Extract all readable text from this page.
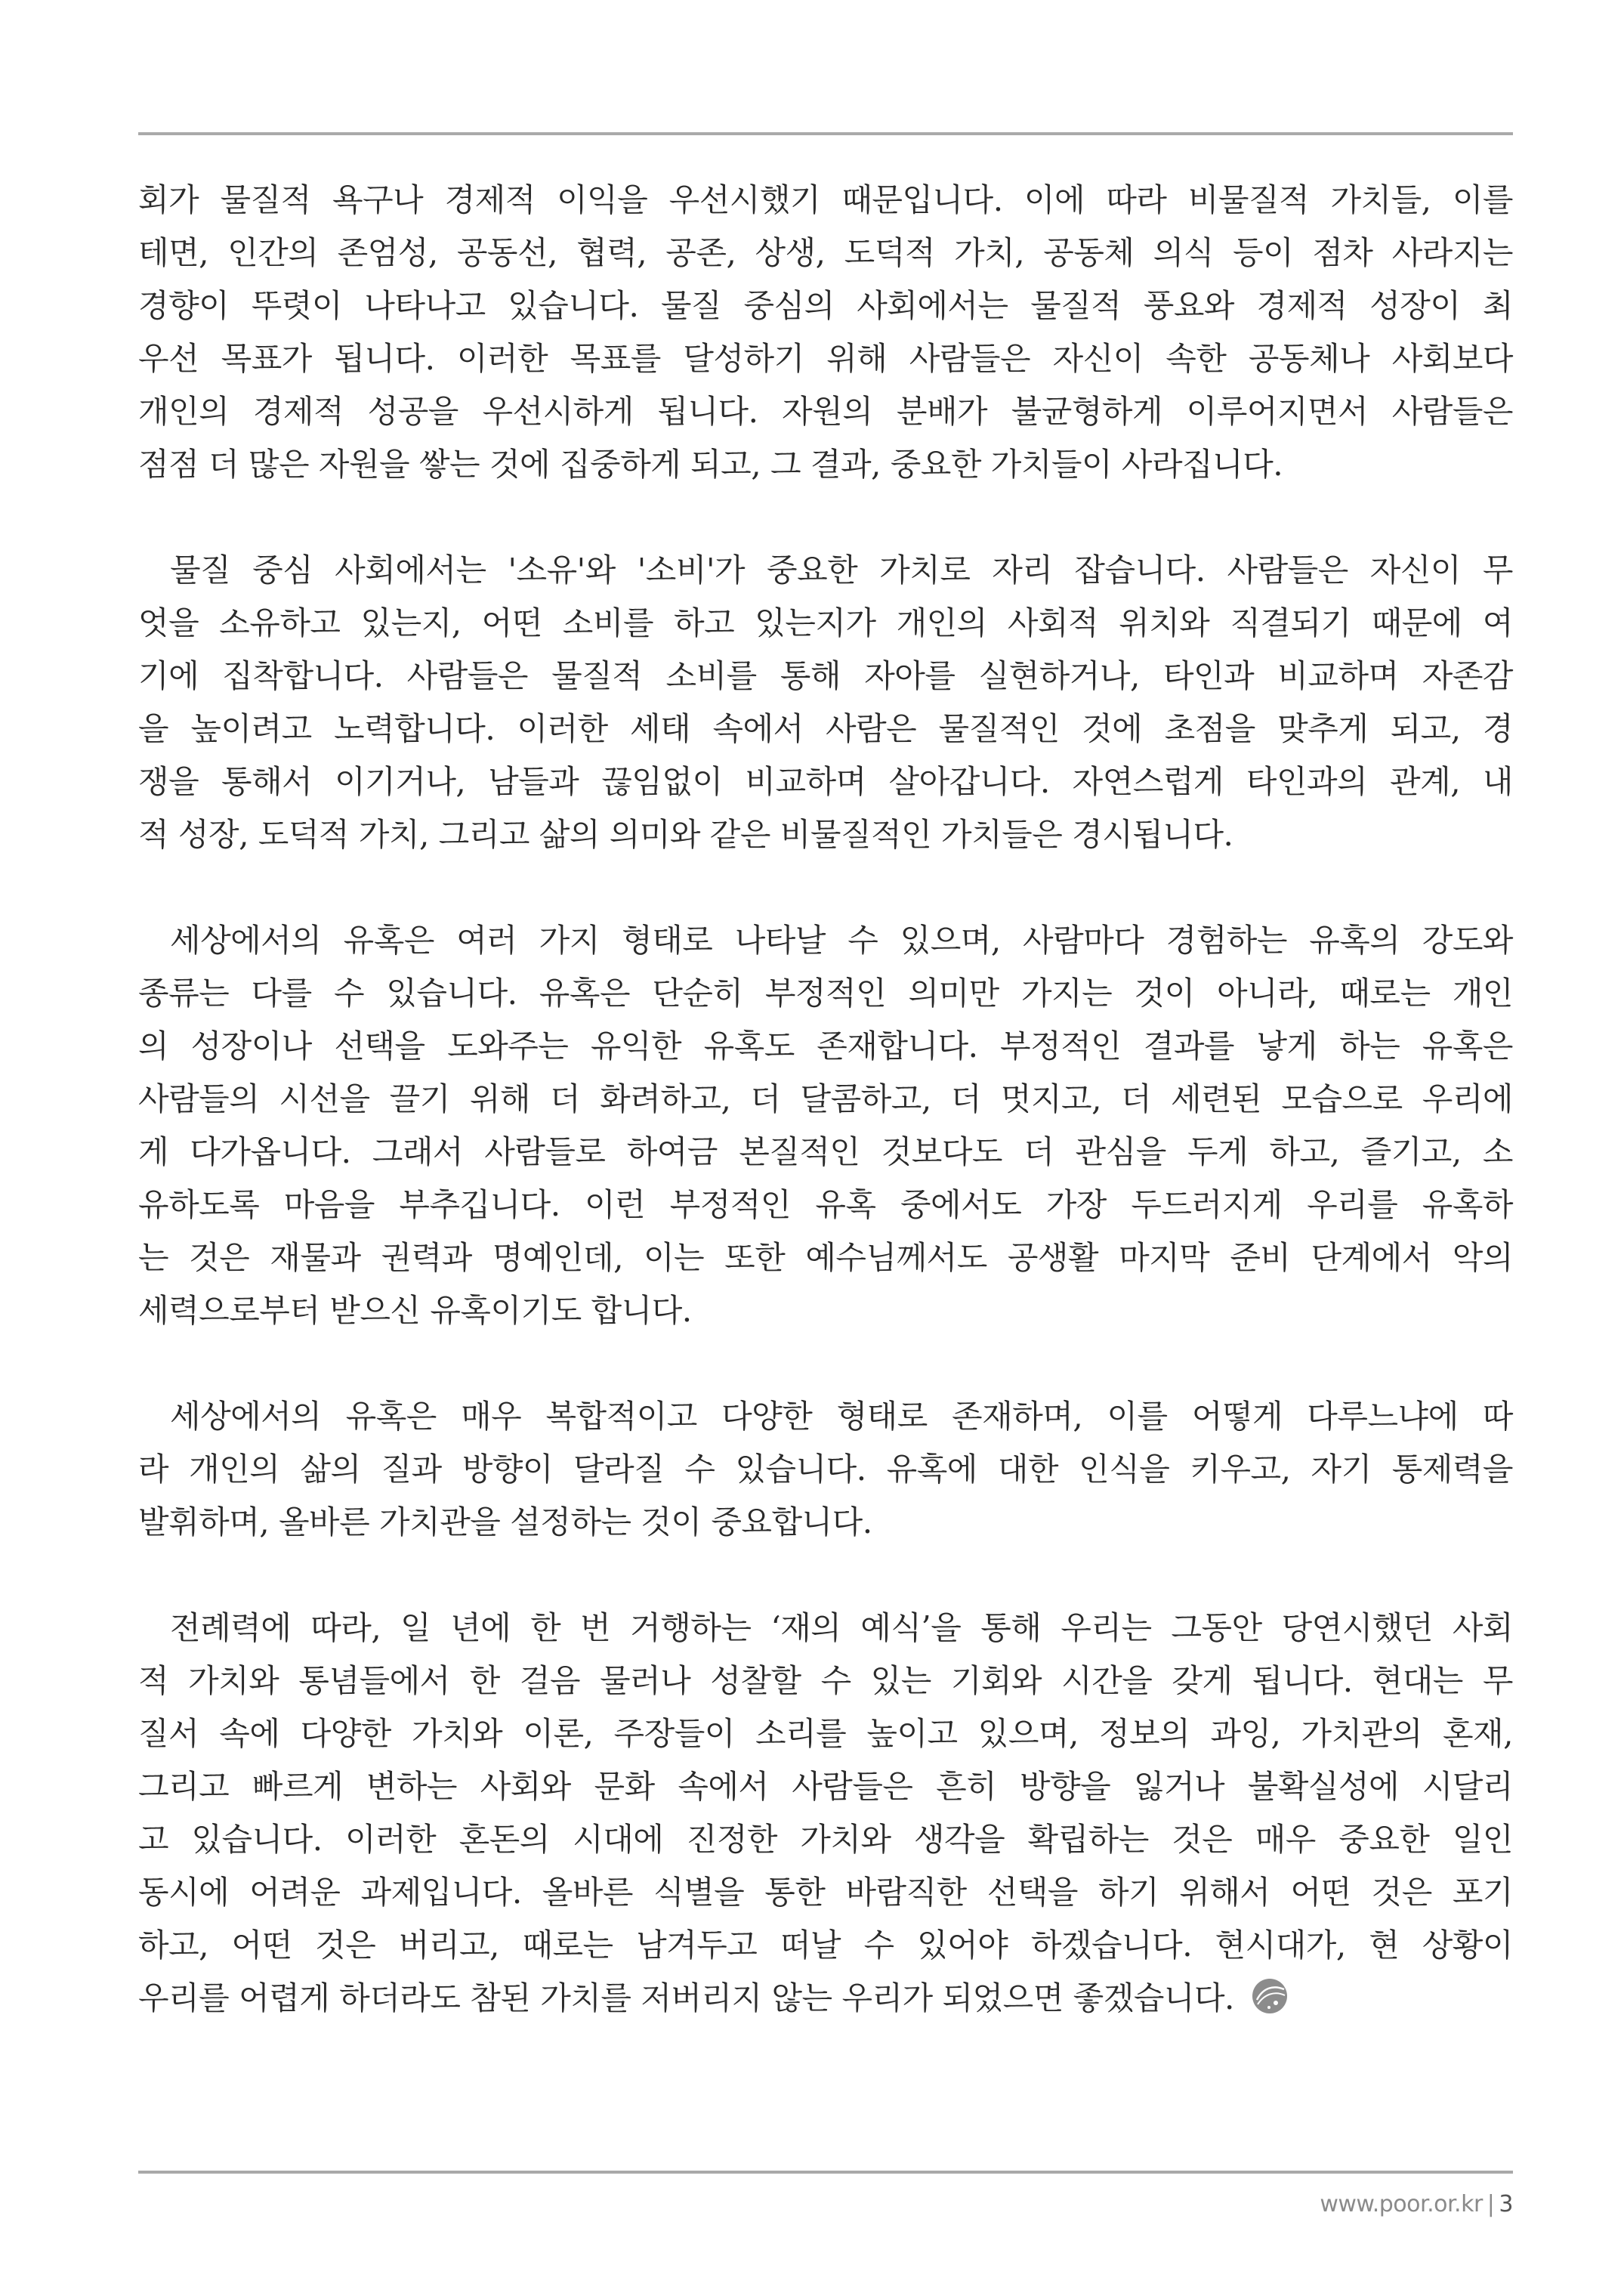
회가 물질적 욕구나 경제적 이익을 우선시했기 때문입니다. 이에 따라 비물질적 가치들, 이를
테면, 인간의 존엄성, 공동선, 협력, 공존, 상생, 도덕적 가치, 공동체 의식 등이 점차 사라지는
경향이 뚜렷이 나타나고 있습니다. 물질 중심의 사회에서는 물질적 풍요와 경제적 성장이 최
우선 목표가 됩니다. 이러한 목표를 달성하기 위해 사람들은 자신이 속한 공동체나 사회보다
개인의 경제적 성공을 우선시하게 됩니다. 자원의 분배가 불균형하게 이루어지면서 사람들은
점점 더 많은 자원을 쌓는 것에 집중하게 되고, 그 결과, 중요한 가치들이 사라집니다.

물질 중심 사회에서는 '소유'와 '소비'가 중요한 가치로 자리 잡습니다. 사람들은 자신이 무
엇을 소유하고 있는지, 어떤 소비를 하고 있는지가 개인의 사회적 위치와 직결되기 때문에 여
기에 집착합니다. 사람들은 물질적 소비를 통해 자아를 실현하거나, 타인과 비교하며 자존감
을 높이려고 노력합니다. 이러한 세태 속에서 사람은 물질적인 것에 초점을 맞추게 되고, 경
쟁을 통해서 이기거나, 남들과 끊임없이 비교하며 살아갑니다. 자연스럽게 타인과의 관계, 내
적 성장, 도덕적 가치, 그리고 삶의 의미와 같은 비물질적인 가치들은 경시됩니다.

세상에서의 유혹은 여러 가지 형태로 나타날 수 있으며, 사람마다 경험하는 유혹의 강도와
종류는 다를 수 있습니다. 유혹은 단순히 부정적인 의미만 가지는 것이 아니라, 때로는 개인
의 성장이나 선택을 도와주는 유익한 유혹도 존재합니다. 부정적인 결과를 낳게 하는 유혹은
사람들의 시선을 끌기 위해 더 화려하고, 더 달콤하고, 더 멋지고, 더 세련된 모습으로 우리에
게 다가옵니다. 그래서 사람들로 하여금 본질적인 것보다도 더 관심을 두게 하고, 즐기고, 소
유하도록 마음을 부추깁니다. 이런 부정적인 유혹 중에서도 가장 두드러지게 우리를 유혹하
는 것은 재물과 권력과 명예인데, 이는 또한 예수님께서도 공생활 마지막 준비 단계에서 악의
세력으로부터 받으신 유혹이기도 합니다.

세상에서의 유혹은 매우 복합적이고 다양한 형태로 존재하며, 이를 어떻게 다루느냐에 따
라 개인의 삶의 질과 방향이 달라질 수 있습니다. 유혹에 대한 인식을 키우고, 자기 통제력을
발휘하며, 올바른 가치관을 설정하는 것이 중요합니다.

전례력에 따라, 일 년에 한 번 거행하는 ‘재의 예식’을 통해 우리는 그동안 당연시했던 사회
적 가치와 통념들에서 한 걸음 물러나 성찰할 수 있는 기회와 시간을 갖게 됩니다. 현대는 무
질서 속에 다양한 가치와 이론, 주장들이 소리를 높이고 있으며, 정보의 과잉, 가치관의 혼재,
그리고 빠르게 변하는 사회와 문화 속에서 사람들은 흔히 방향을 잃거나 불확실성에 시달리
고 있습니다. 이러한 혼돈의 시대에 진정한 가치와 생각을 확립하는 것은 매우 중요한 일인
동시에 어려운 과제입니다. 올바른 식별을 통한 바람직한 선택을 하기 위해서 어떤 것은 포기
하고, 어떤 것은 버리고, 때로는 남겨두고 떠날 수 있어야 하겠습니다. 현시대가, 현 상황이
우리를 어렵게 하더라도 참된 가치를 저버리지 않는 우리가 되었으면 좋겠습니다.

www.poor.or.kr | 3
